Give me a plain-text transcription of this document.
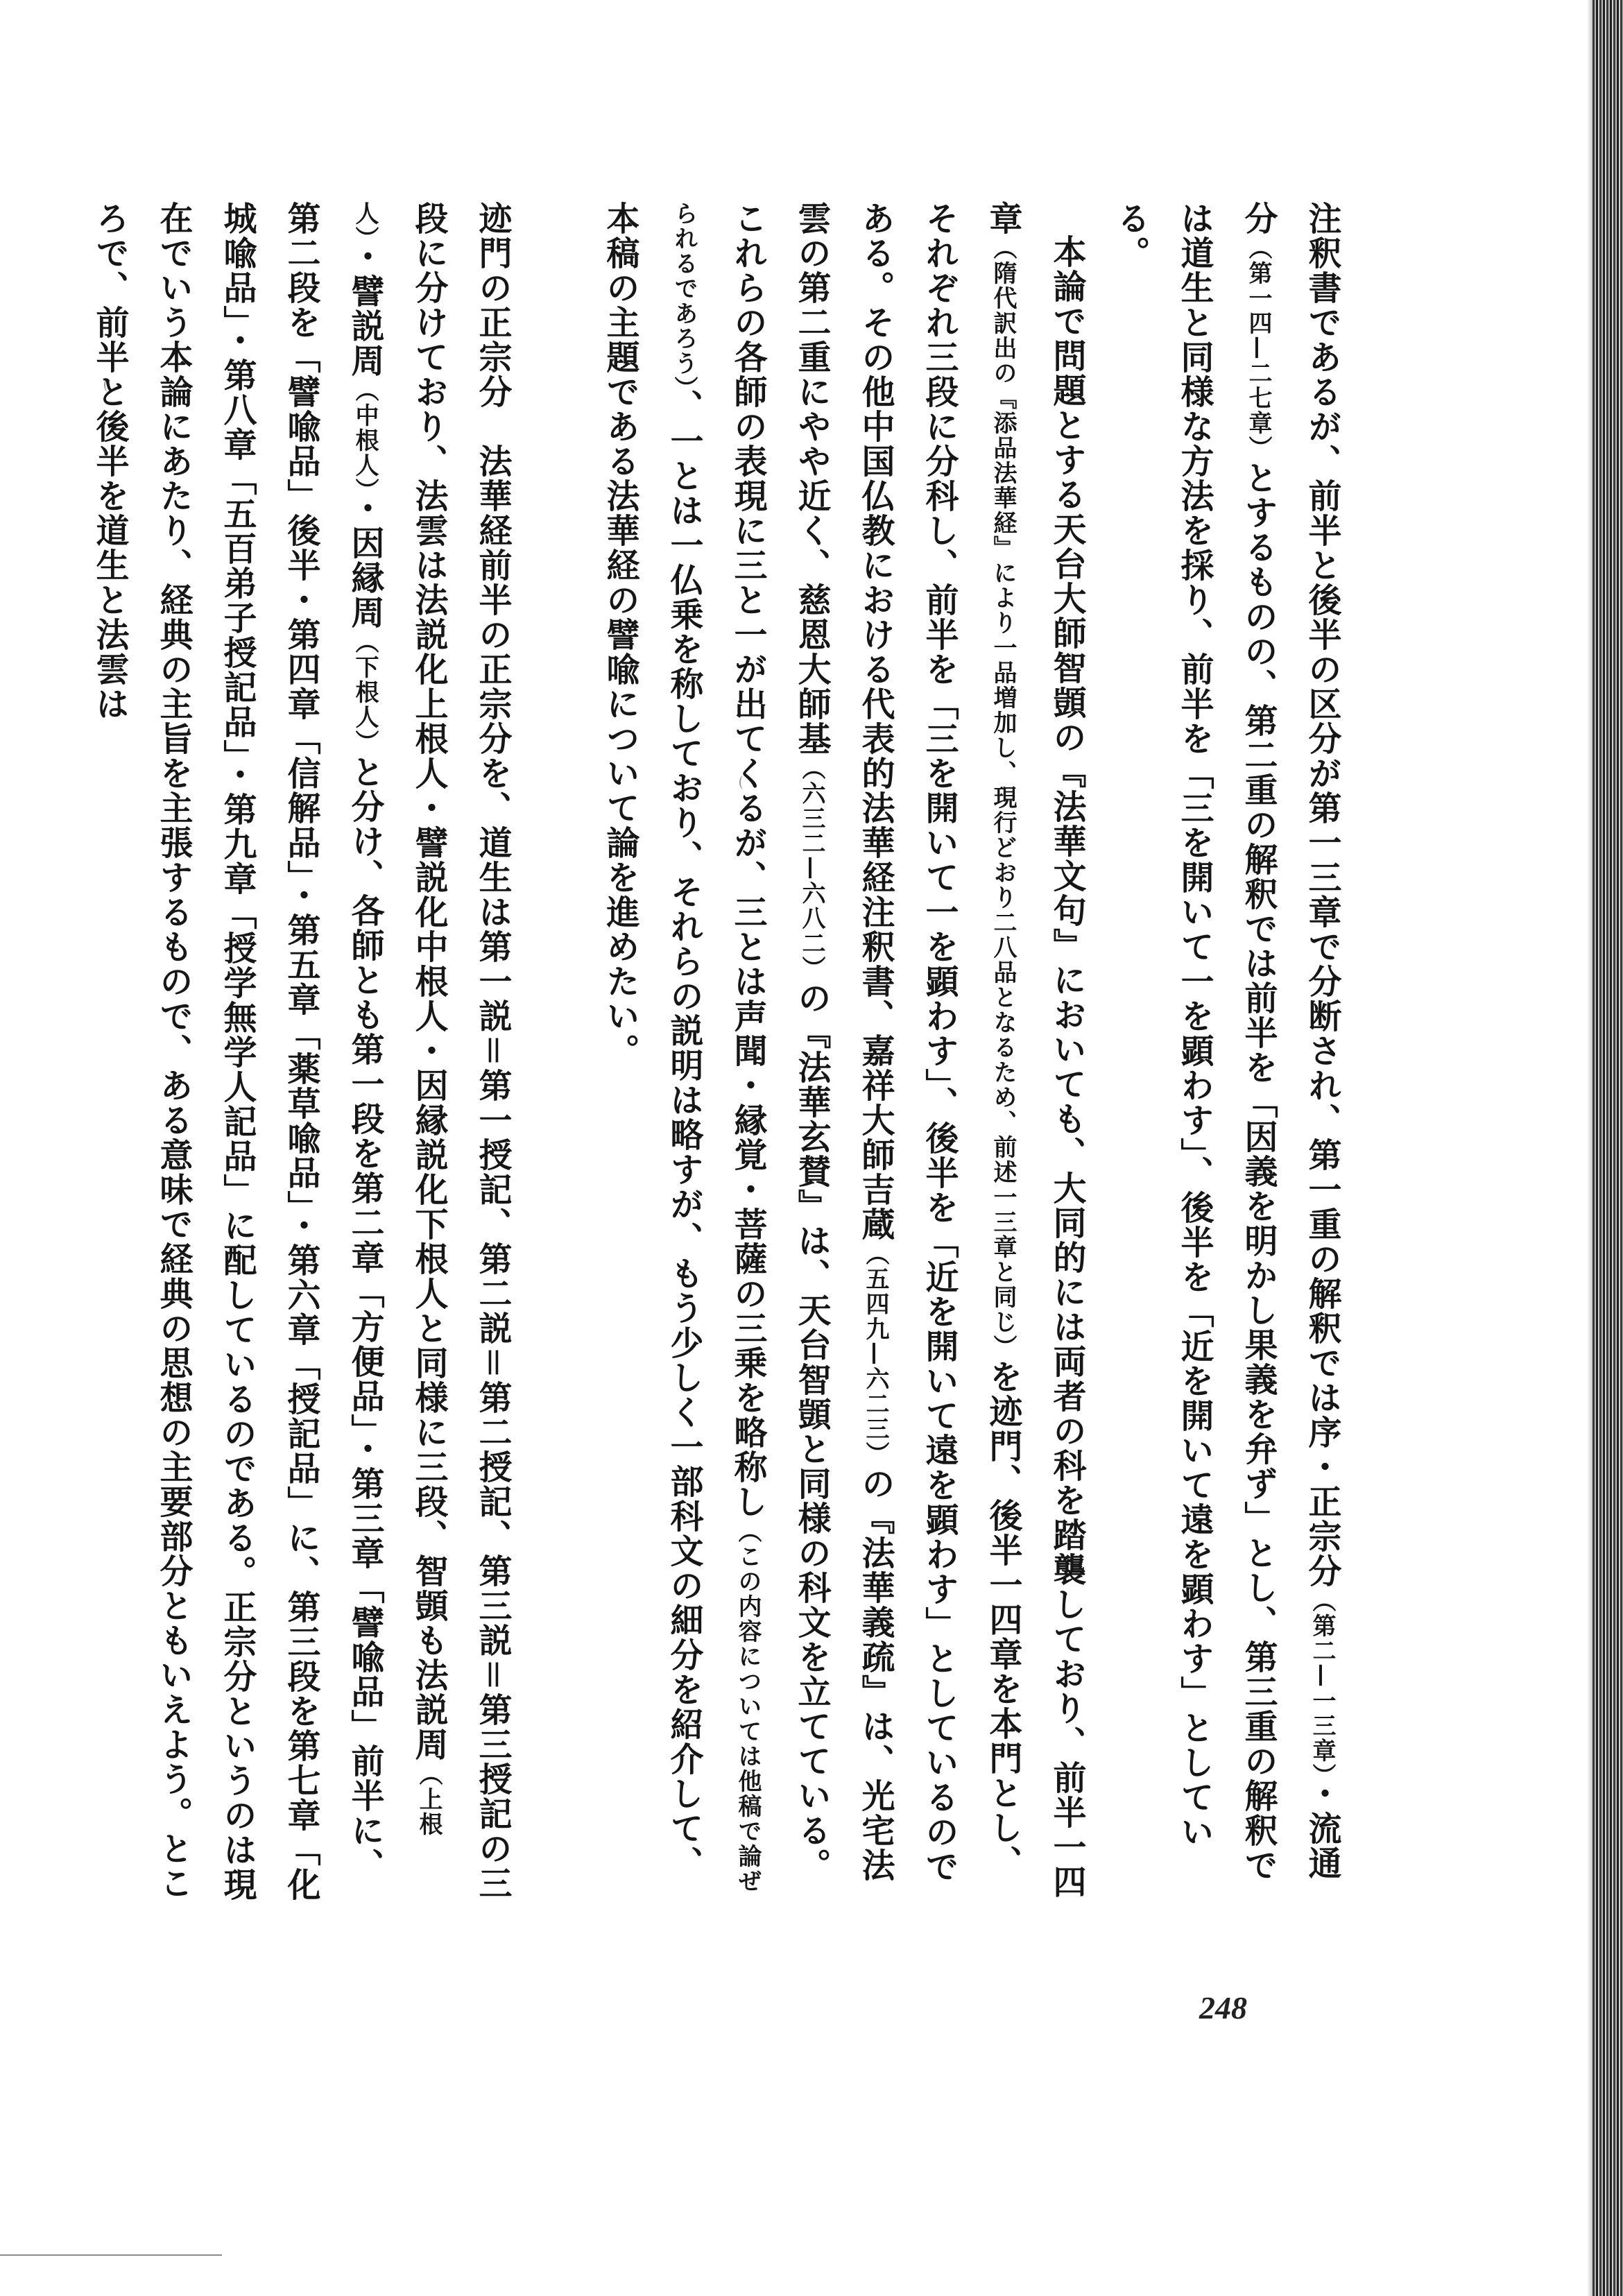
注釈書であるが、前半と後半の区分が第一三章で分断され、第一重の解釈では序・正宗分（第二—一三章）・流通分（第一四—二七章）とするものの、第二重の解釈では前半を「因義を明かし果義を弁ず」とし、第三重の解釈では道生と同様な方法を採り、前半を「三を開いて一を顕わす」、後半を「近を開いて遠を顕わす」としている。

本論で問題とする天台大師智顗の『法華文句』においても、大同的には両者の科を踏襲しており、前半一四章（隋代訳出の『添品法華経』により一品増加し、現行どおり二八品となるため、前述一三章と同じ）を迹門、後半一四章を本門とし、それぞれ三段に分科し、前半を「三を開いて一を顕わす」、後半を「近を開いて遠を顕わす」としているのである。その他中国仏教における代表的法華経注釈書、嘉祥大師吉蔵（五四九—六二三）の『法華義疏』は、光宅法雲の第二重にやや近く、慈恩大師基（六三二—六八二）の『法華玄賛』は、天台智顗と同様の科文を立てている。これらの各師の表現に三と一が出てくるが、三とは声聞・縁覚・菩薩の三乗を略称し（この内容については他稿で論ぜられるであろう）、一とは一仏乗を称しており、それらの説明は略すが、もう少しく一部科文の細分を紹介して、本稿の主題である法華経の譬喩について論を進めたい。

迹門の正宗分　法華経前半の正宗分を、道生は第一説＝第一授記、第二説＝第二授記、第三説＝第三授記の三段に分けており、法雲は法説化上根人・譬説化中根人・因縁説化下根人と同様に三段、智顗も法説周（上根人）・譬説周（中根人）・因縁周（下根人）と分け、各師とも第一段を第二章「方便品」・第三章「譬喩品」前半に、第二段を「譬喩品」後半・第四章「信解品」・第五章「薬草喩品」・第六章「授記品」に、第三段を第七章「化城喩品」・第八章「五百弟子授記品」・第九章「授学無学人記品」に配しているのである。正宗分というのは現在でいう本論にあたり、経典の主旨を主張するもので、ある意味で経典の思想の主要部分ともいえよう。ところで、前半と後半を道生と法雲は

248
